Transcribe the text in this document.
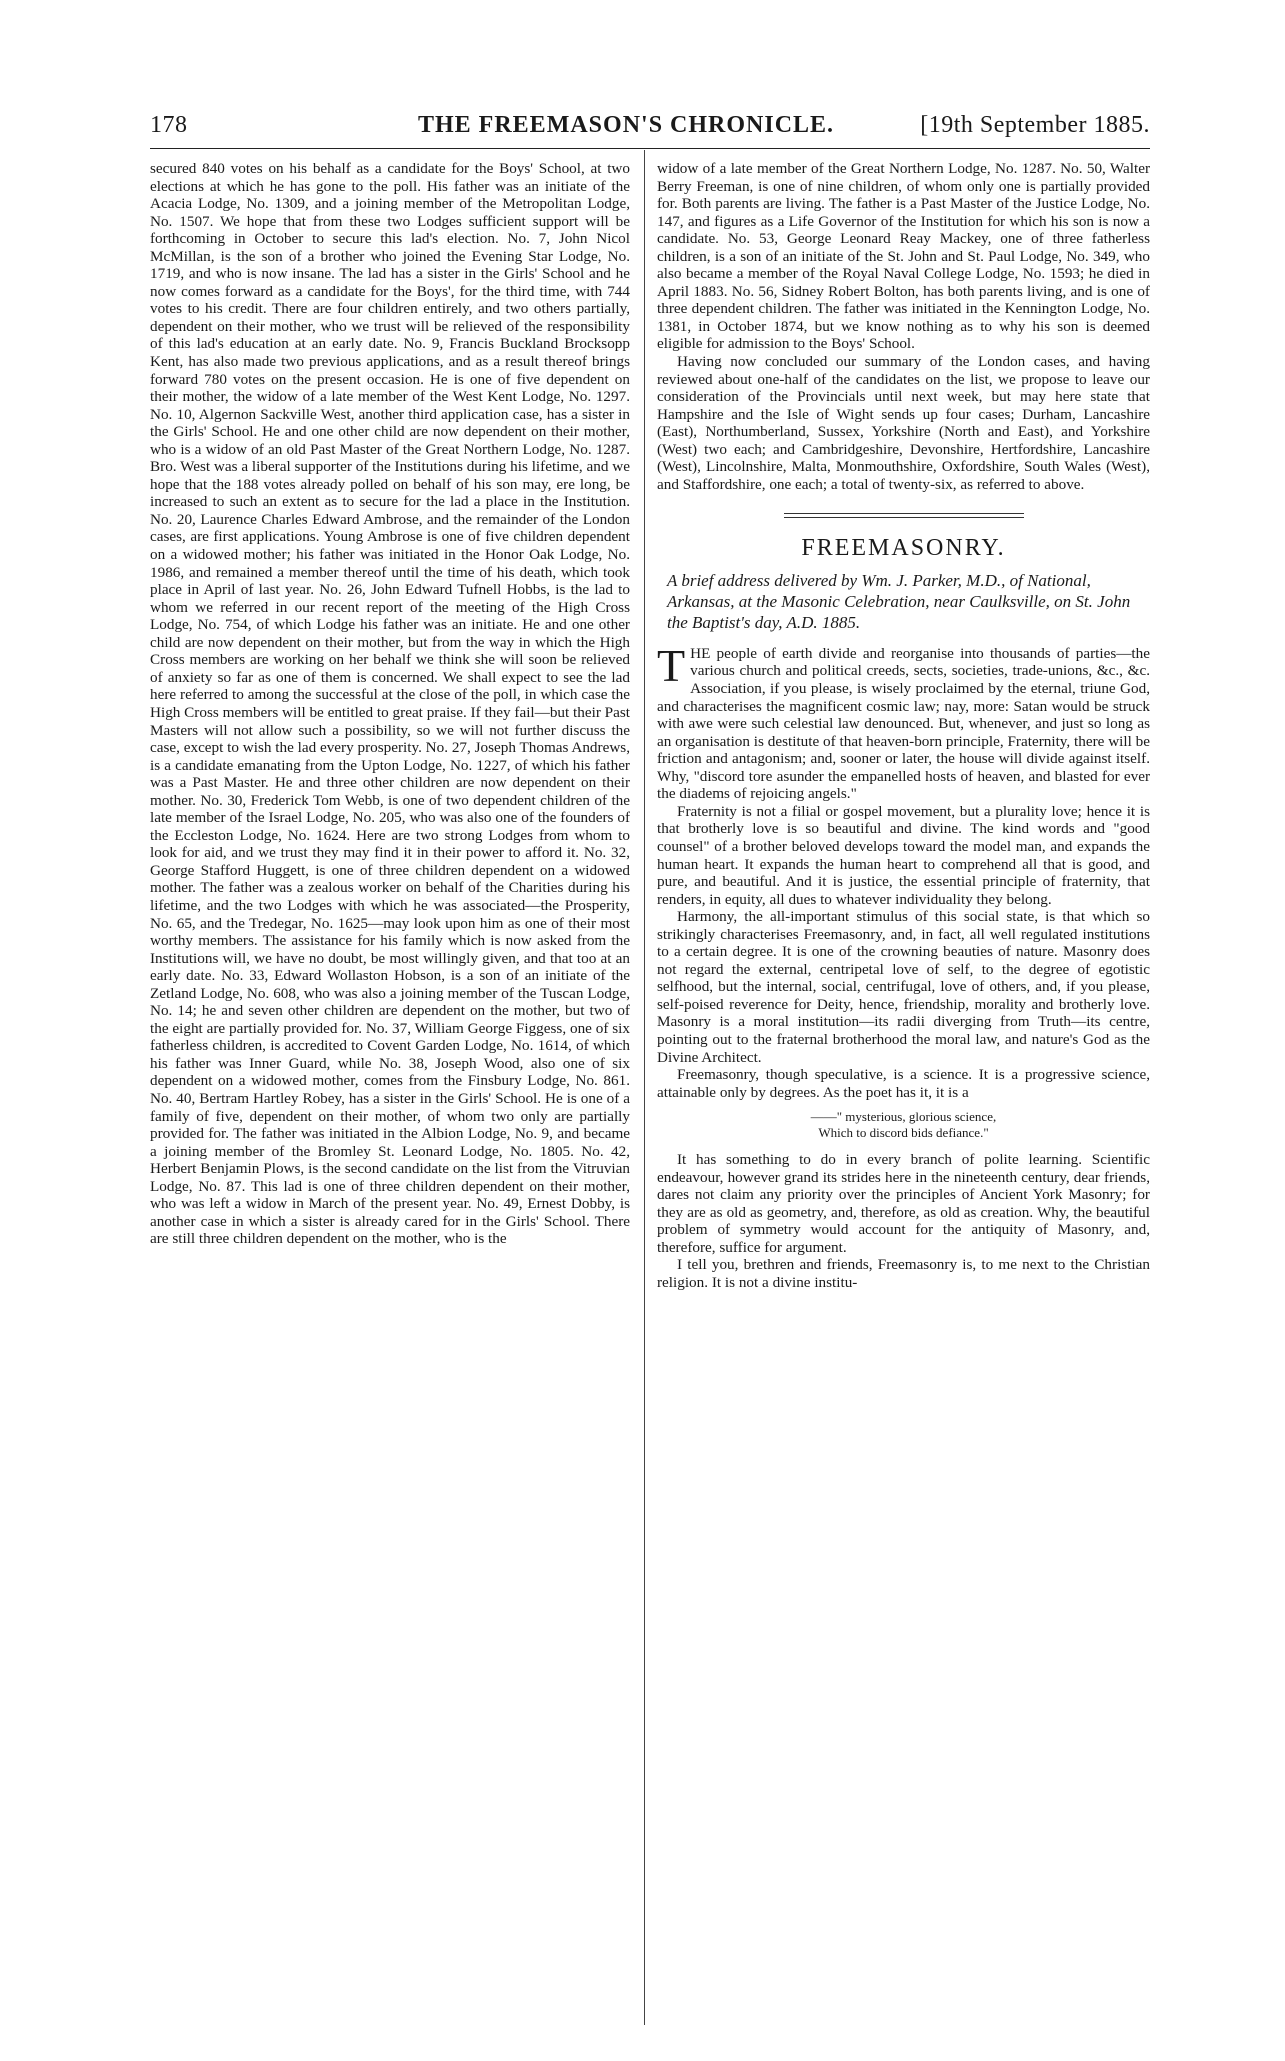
178	THE FREEMASON'S CHRONICLE.	[19th September 1885.

secured 840 votes on his behalf as a candidate for the Boys' School, at two elections at which he has gone to the poll. His father was an initiate of the Acacia Lodge, No. 1309, and a joining member of the Metropolitan Lodge, No. 1507. We hope that from these two Lodges sufficient support will be forthcoming in October to secure this lad's election. No. 7, John Nicol McMillan, is the son of a brother who joined the Evening Star Lodge, No. 1719, and who is now insane. The lad has a sister in the Girls' School and he now comes forward as a candidate for the Boys', for the third time, with 744 votes to his credit. There are four children entirely, and two others partially, dependent on their mother, who we trust will be relieved of the responsibility of this lad's education at an early date. No. 9, Francis Buckland Brocksopp Kent, has also made two previous applications, and as a result thereof brings forward 780 votes on the present occasion. He is one of five dependent on their mother, the widow of a late member of the West Kent Lodge, No. 1297. No. 10, Algernon Sackville West, another third application case, has a sister in the Girls' School. He and one other child are now dependent on their mother, who is a widow of an old Past Master of the Great Northern Lodge, No. 1287. Bro. West was a liberal supporter of the Institutions during his lifetime, and we hope that the 188 votes already polled on behalf of his son may, ere long, be increased to such an extent as to secure for the lad a place in the Institution. No. 20, Laurence Charles Edward Ambrose, and the remainder of the London cases, are first applications. Young Ambrose is one of five children dependent on a widowed mother; his father was initiated in the Honor Oak Lodge, No. 1986, and remained a member thereof until the time of his death, which took place in April of last year. No. 26, John Edward Tufnell Hobbs, is the lad to whom we referred in our recent report of the meeting of the High Cross Lodge, No. 754, of which Lodge his father was an initiate. He and one other child are now dependent on their mother, but from the way in which the High Cross members are working on her behalf we think she will soon be relieved of anxiety so far as one of them is concerned. We shall expect to see the lad here referred to among the successful at the close of the poll, in which case the High Cross members will be entitled to great praise. If they fail—but their Past Masters will not allow such a possibility, so we will not further discuss the case, except to wish the lad every prosperity. No. 27, Joseph Thomas Andrews, is a candidate emanating from the Upton Lodge, No. 1227, of which his father was a Past Master. He and three other children are now dependent on their mother. No. 30, Frederick Tom Webb, is one of two dependent children of the late member of the Israel Lodge, No. 205, who was also one of the founders of the Eccleston Lodge, No. 1624. Here are two strong Lodges from whom to look for aid, and we trust they may find it in their power to afford it. No. 32, George Stafford Huggett, is one of three children dependent on a widowed mother. The father was a zealous worker on behalf of the Charities during his lifetime, and the two Lodges with which he was associated—the Prosperity, No. 65, and the Tredegar, No. 1625—may look upon him as one of their most worthy members. The assistance for his family which is now asked from the Institutions will, we have no doubt, be most willingly given, and that too at an early date. No. 33, Edward Wollaston Hobson, is a son of an initiate of the Zetland Lodge, No. 608, who was also a joining member of the Tuscan Lodge, No. 14; he and seven other children are dependent on the mother, but two of the eight are partially provided for. No. 37, William George Figgess, one of six fatherless children, is accredited to Covent Garden Lodge, No. 1614, of which his father was Inner Guard, while No. 38, Joseph Wood, also one of six dependent on a widowed mother, comes from the Finsbury Lodge, No. 861. No. 40, Bertram Hartley Robey, has a sister in the Girls' School. He is one of a family of five, dependent on their mother, of whom two only are partially provided for. The father was initiated in the Albion Lodge, No. 9, and became a joining member of the Bromley St. Leonard Lodge, No. 1805. No. 42, Herbert Benjamin Plows, is the second candidate on the list from the Vitruvian Lodge, No. 87. This lad is one of three children dependent on their mother, who was left a widow in March of the present year. No. 49, Ernest Dobby, is another case in which a sister is already cared for in the Girls' School. There are still three children dependent on the mother, who is the

widow of a late member of the Great Northern Lodge, No. 1287. No. 50, Walter Berry Freeman, is one of nine children, of whom only one is partially provided for. Both parents are living. The father is a Past Master of the Justice Lodge, No. 147, and figures as a Life Governor of the Institution for which his son is now a candidate. No. 53, George Leonard Reay Mackey, one of three fatherless children, is a son of an initiate of the St. John and St. Paul Lodge, No. 349, who also became a member of the Royal Naval College Lodge, No. 1593; he died in April 1883. No. 56, Sidney Robert Bolton, has both parents living, and is one of three dependent children. The father was initiated in the Kennington Lodge, No. 1381, in October 1874, but we know nothing as to why his son is deemed eligible for admission to the Boys' School.

Having now concluded our summary of the London cases, and having reviewed about one-half of the candidates on the list, we propose to leave our consideration of the Provincials until next week, but may here state that Hampshire and the Isle of Wight sends up four cases; Durham, Lancashire (East), Northumberland, Sussex, Yorkshire (North and East), and Yorkshire (West) two each; and Cambridgeshire, Devonshire, Hertfordshire, Lancashire (West), Lincolnshire, Malta, Monmouthshire, Oxfordshire, South Wales (West), and Staffordshire, one each; a total of twenty-six, as referred to above.

FREEMASONRY.
A brief address delivered by Wm. J. Parker, M.D., of National, Arkansas, at the Masonic Celebration, near Caulksville, on St. John the Baptist's day, A.D. 1885.

THE people of earth divide and reorganise into thousands of parties—the various church and political creeds, sects, societies, trade-unions, &c., &c. Association, if you please, is wisely proclaimed by the eternal, triune God, and characterises the magnificent cosmic law; nay, more: Satan would be struck with awe were such celestial law denounced. But, whenever, and just so long as an organisation is destitute of that heaven-born principle, Fraternity, there will be friction and antagonism; and, sooner or later, the house will divide against itself. Why, "discord tore asunder the empanelled hosts of heaven, and blasted for ever the diadems of rejoicing angels."

Fraternity is not a filial or gospel movement, but a plurality love; hence it is that brotherly love is so beautiful and divine. The kind words and "good counsel" of a brother beloved develops toward the model man, and expands the human heart. It expands the human heart to comprehend all that is good, and pure, and beautiful. And it is justice, the essential principle of fraternity, that renders, in equity, all dues to whatever individuality they belong.

Harmony, the all-important stimulus of this social state, is that which so strikingly characterises Freemasonry, and, in fact, all well regulated institutions to a certain degree. It is one of the crowning beauties of nature. Masonry does not regard the external, centripetal love of self, to the degree of egotistic selfhood, but the internal, social, centrifugal, love of others, and, if you please, self-poised reverence for Deity, hence, friendship, morality and brotherly love. Masonry is a moral institution—its radii diverging from Truth—its centre, pointing out to the fraternal brotherhood the moral law, and nature's God as the Divine Architect.

Freemasonry, though speculative, is a science. It is a progressive science, attainable only by degrees. As the poet has it, it is a

——" mysterious, glorious science,
Which to discord bids defiance."

It has something to do in every branch of polite learning. Scientific endeavour, however grand its strides here in the nineteenth century, dear friends, dares not claim any priority over the principles of Ancient York Masonry; for they are as old as geometry, and, therefore, as old as creation. Why, the beautiful problem of symmetry would account for the antiquity of Masonry, and, therefore, suffice for argument.

I tell you, brethren and friends, Freemasonry is, to me next to the Christian religion. It is not a divine institu-
